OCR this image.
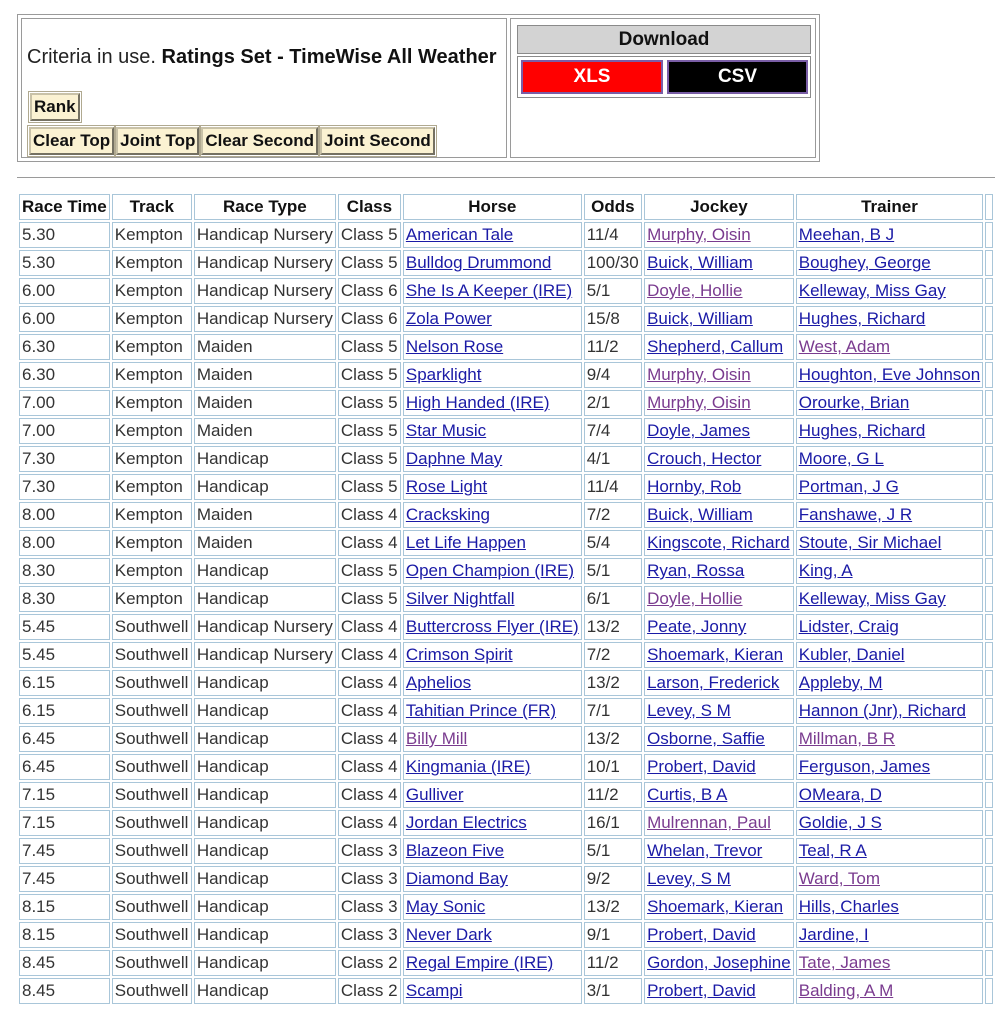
Criteria in use. Ratings Set - TimeWise All Weather
Rank
Clear Top Joint Top Clear Second Joint Second
Download
XLS	CSV
Race Time	Track	Race Type	Class	Horse	Odds	Jockey	Trainer	
5.30	Kempton	Handicap Nursery	Class 5	American Tale	11/4	Murphy, Oisin	Meehan, B J	
5.30	Kempton	Handicap Nursery	Class 5	Bulldog Drummond	100/30	Buick, William	Boughey, George	
6.00	Kempton	Handicap Nursery	Class 6	She Is A Keeper (IRE)	5/1	Doyle, Hollie	Kelleway, Miss Gay	
6.00	Kempton	Handicap Nursery	Class 6	Zola Power	15/8	Buick, William	Hughes, Richard	
6.30	Kempton	Maiden	Class 5	Nelson Rose	11/2	Shepherd, Callum	West, Adam	
6.30	Kempton	Maiden	Class 5	Sparklight	9/4	Murphy, Oisin	Houghton, Eve Johnson	
7.00	Kempton	Maiden	Class 5	High Handed (IRE)	2/1	Murphy, Oisin	Orourke, Brian	
7.00	Kempton	Maiden	Class 5	Star Music	7/4	Doyle, James	Hughes, Richard	
7.30	Kempton	Handicap	Class 5	Daphne May	4/1	Crouch, Hector	Moore, G L	
7.30	Kempton	Handicap	Class 5	Rose Light	11/4	Hornby, Rob	Portman, J G	
8.00	Kempton	Maiden	Class 4	Cracksking	7/2	Buick, William	Fanshawe, J R	
8.00	Kempton	Maiden	Class 4	Let Life Happen	5/4	Kingscote, Richard	Stoute, Sir Michael	
8.30	Kempton	Handicap	Class 5	Open Champion (IRE)	5/1	Ryan, Rossa	King, A	
8.30	Kempton	Handicap	Class 5	Silver Nightfall	6/1	Doyle, Hollie	Kelleway, Miss Gay	
5.45	Southwell	Handicap Nursery	Class 4	Buttercross Flyer (IRE)	13/2	Peate, Jonny	Lidster, Craig	
5.45	Southwell	Handicap Nursery	Class 4	Crimson Spirit	7/2	Shoemark, Kieran	Kubler, Daniel	
6.15	Southwell	Handicap	Class 4	Aphelios	13/2	Larson, Frederick	Appleby, M	
6.15	Southwell	Handicap	Class 4	Tahitian Prince (FR)	7/1	Levey, S M	Hannon (Jnr), Richard	
6.45	Southwell	Handicap	Class 4	Billy Mill	13/2	Osborne, Saffie	Millman, B R	
6.45	Southwell	Handicap	Class 4	Kingmania (IRE)	10/1	Probert, David	Ferguson, James	
7.15	Southwell	Handicap	Class 4	Gulliver	11/2	Curtis, B A	OMeara, D	
7.15	Southwell	Handicap	Class 4	Jordan Electrics	16/1	Mulrennan, Paul	Goldie, J S	
7.45	Southwell	Handicap	Class 3	Blazeon Five	5/1	Whelan, Trevor	Teal, R A	
7.45	Southwell	Handicap	Class 3	Diamond Bay	9/2	Levey, S M	Ward, Tom	
8.15	Southwell	Handicap	Class 3	May Sonic	13/2	Shoemark, Kieran	Hills, Charles	
8.15	Southwell	Handicap	Class 3	Never Dark	9/1	Probert, David	Jardine, I	
8.45	Southwell	Handicap	Class 2	Regal Empire (IRE)	11/2	Gordon, Josephine	Tate, James	
8.45	Southwell	Handicap	Class 2	Scampi	3/1	Probert, David	Balding, A M	
